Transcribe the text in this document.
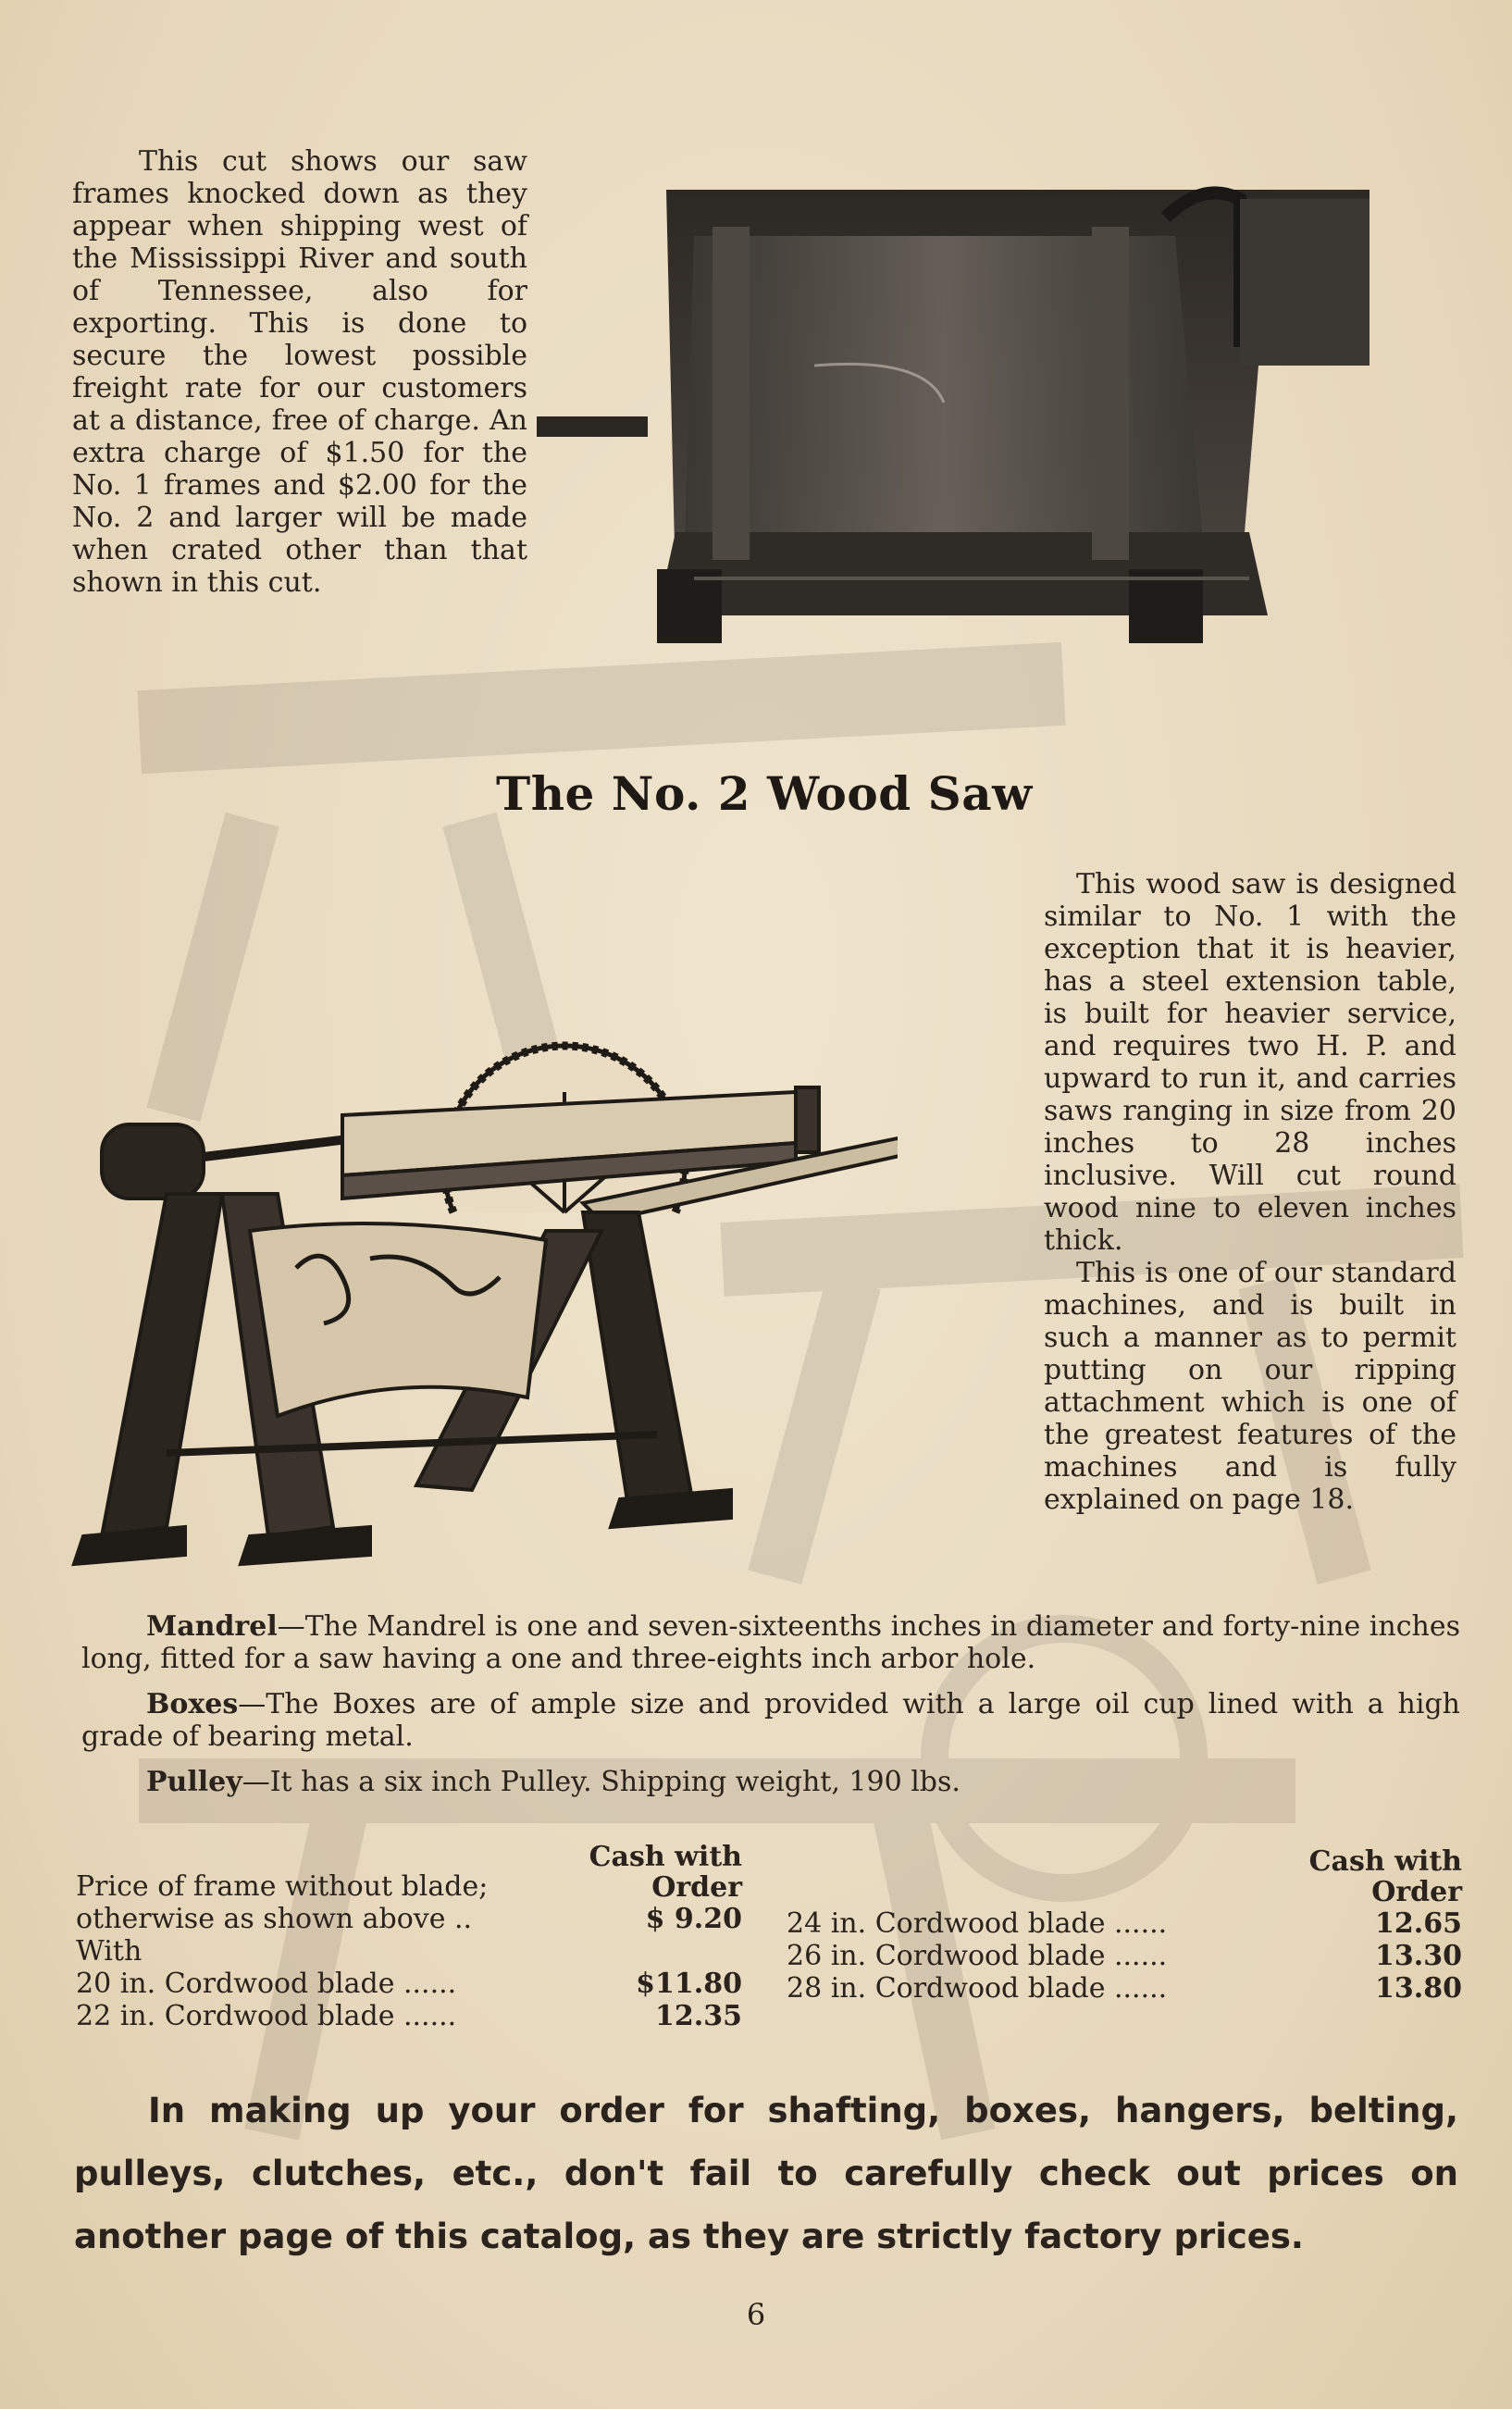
This cut shows our saw frames knocked down as they appear when shipping west of the Mississippi River and south of Tennessee, also for exporting. This is done to secure the lowest possible freight rate for our customers at a distance, free of charge. An extra charge of $1.50 for the No. 1 frames and $2.00 for the No. 2 and larger will be made when crated other than that shown in this cut.

The No. 2 Wood Saw

This wood saw is designed similar to No. 1 with the exception that it is heavier, has a steel extension table, is built for heavier service, and requires two H. P. and upward to run it, and carries saws ranging in size from 20 inches to 28 inches inclusive. Will cut round wood nine to eleven inches thick.

This is one of our standard machines, and is built in such a manner as to permit putting on our ripping attachment which is one of the greatest features of the machines and is fully explained on page 18.

Mandrel—The Mandrel is one and seven-sixteenths inches in diameter and forty-nine inches long, fitted for a saw having a one and three-eights inch arbor hole.

Boxes—The Boxes are of ample size and provided with a large oil cup lined with a high grade of bearing metal.

Pulley—It has a six inch Pulley. Shipping weight, 190 lbs.

Cash with
Order
Price of frame without blade;
otherwise as shown above ..	$ 9.20
With
20 in. Cordwood blade ......	$11.80
22 in. Cordwood blade ......	12.35
Cash with
Order
24 in. Cordwood blade ......	12.65
26 in. Cordwood blade ......	13.30
28 in. Cordwood blade ......	13.80
In making up your order for shafting, boxes, hangers, belting, pulleys, clutches, etc., don't fail to carefully check out prices on another page of this catalog, as they are strictly factory prices.
6
